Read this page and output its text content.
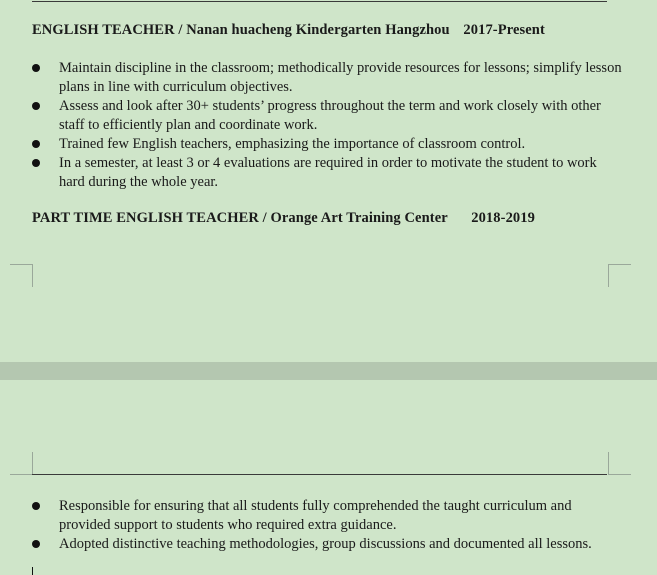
ENGLISH TEACHER / Nanan huacheng Kindergarten Hangzhou 2017-Present
Maintain discipline in the classroom; methodically provide resources for lessons; simplify lesson plans in line with curriculum objectives.
Assess and look after 30+ students’ progress throughout the term and work closely with other staff to efficiently plan and coordinate work.
Trained few English teachers, emphasizing the importance of classroom control.
In a semester, at least 3 or 4 evaluations are required in order to motivate the student to work hard during the whole year.
PART TIME ENGLISH TEACHER / Orange Art Training Center 2018-2019
Responsible for ensuring that all students fully comprehended the taught curriculum and provided support to students who required extra guidance.
Adopted distinctive teaching methodologies, group discussions and documented all lessons.
